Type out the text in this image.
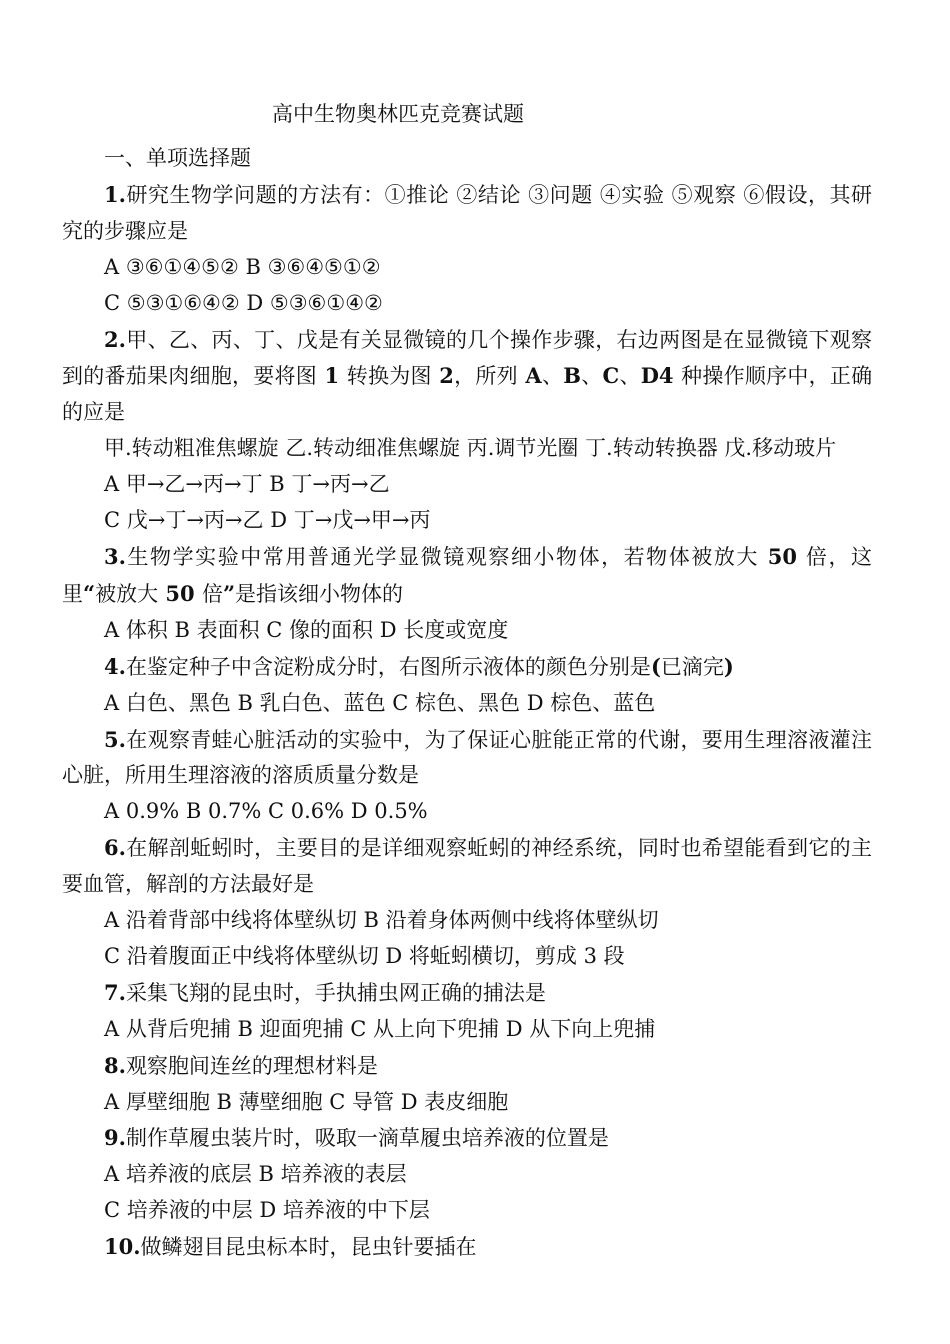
高中生物奥林匹克竞赛试题
一、单项选择题
1.研究生物学问题的方法有：①推论 ②结论 ③问题 ④实验 ⑤观察 ⑥假设，其研究的步骤应是
A ③⑥①④⑤② B ③⑥④⑤①②
C ⑤③①⑥④② D ⑤③⑥①④②
2.甲、乙、丙、丁、戊是有关显微镜的几个操作步骤，右边两图是在显微镜下观察到的番茄果肉细胞，要将图 1 转换为图 2，所列 A、B、C、D4 种操作顺序中，正确的应是
甲.转动粗准焦螺旋 乙.转动细准焦螺旋 丙.调节光圈 丁.转动转换器 戊.移动玻片
A 甲→乙→丙→丁 B 丁→丙→乙
C 戊→丁→丙→乙 D 丁→戊→甲→丙
3.生物学实验中常用普通光学显微镜观察细小物体，若物体被放大 50 倍，这里“被放大 50 倍”是指该细小物体的
A 体积 B 表面积 C 像的面积 D 长度或宽度
4.在鉴定种子中含淀粉成分时，右图所示液体的颜色分别是(已滴完)
A 白色、黑色 B 乳白色、蓝色 C 棕色、黑色 D 棕色、蓝色
5.在观察青蛙心脏活动的实验中，为了保证心脏能正常的代谢，要用生理溶液灌注心脏，所用生理溶液的溶质质量分数是
A 0.9% B 0.7% C 0.6% D 0.5%
6.在解剖蚯蚓时，主要目的是详细观察蚯蚓的神经系统，同时也希望能看到它的主要血管，解剖的方法最好是
A 沿着背部中线将体壁纵切 B 沿着身体两侧中线将体壁纵切
C 沿着腹面正中线将体壁纵切 D 将蚯蚓横切，剪成 3 段
7.采集飞翔的昆虫时，手执捕虫网正确的捕法是
A 从背后兜捕 B 迎面兜捕 C 从上向下兜捕 D 从下向上兜捕
8.观察胞间连丝的理想材料是
A 厚壁细胞 B 薄壁细胞 C 导管 D 表皮细胞
9.制作草履虫装片时，吸取一滴草履虫培养液的位置是
A 培养液的底层 B 培养液的表层
C 培养液的中层 D 培养液的中下层
10.做鳞翅目昆虫标本时，昆虫针要插在
